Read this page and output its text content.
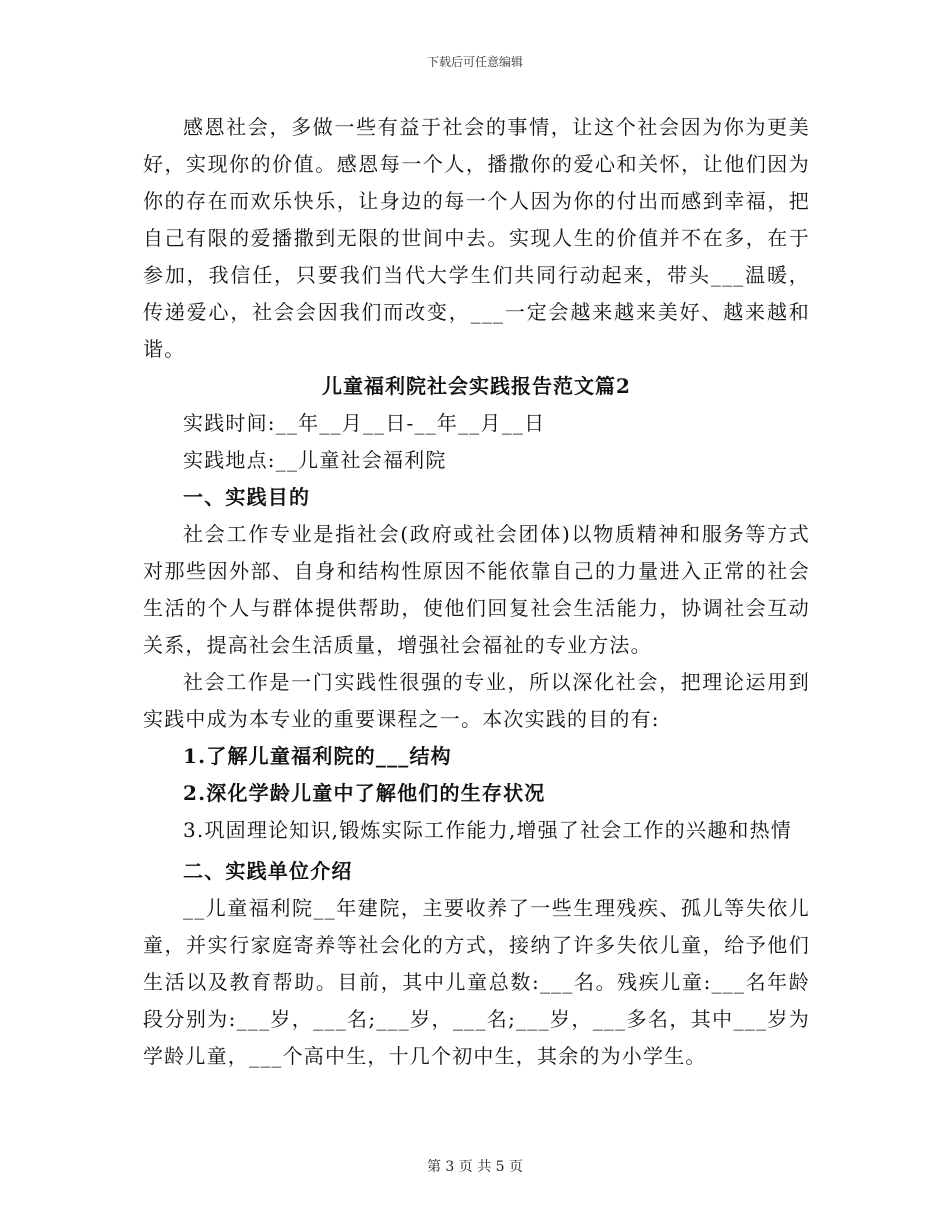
下载后可任意编辑

感恩社会，多做一些有益于社会的事情，让这个社会因为你为更美好，实现你的价值。感恩每一个人，播撒你的爱心和关怀，让他们因为你的存在而欢乐快乐，让身边的每一个人因为你的付出而感到幸福，把自己有限的爱播撒到无限的世间中去。实现人生的价值并不在多，在于参加，我信任，只要我们当代大学生们共同行动起来，带头___温暖，传递爱心，社会会因我们而改变，___一定会越来越来美好、越来越和谐。

儿童福利院社会实践报告范文篇2

实践时间:__年__月__日-__年__月__日

实践地点:__儿童社会福利院

一、实践目的

社会工作专业是指社会(政府或社会团体)以物质精神和服务等方式对那些因外部、自身和结构性原因不能依靠自己的力量进入正常的社会生活的个人与群体提供帮助，使他们回复社会生活能力，协调社会互动关系，提高社会生活质量，增强社会福祉的专业方法。

社会工作是一门实践性很强的专业，所以深化社会，把理论运用到实践中成为本专业的重要课程之一。本次实践的目的有:

1.了解儿童福利院的___结构

2.深化学龄儿童中了解他们的生存状况

3.巩固理论知识,锻炼实际工作能力,增强了社会工作的兴趣和热情

二、实践单位介绍

__儿童福利院__年建院，主要收养了一些生理残疾、孤儿等失依儿童，并实行家庭寄养等社会化的方式，接纳了许多失依儿童，给予他们生活以及教育帮助。目前，其中儿童总数:___名。残疾儿童:___名年龄段分别为:___岁，___名;___岁，___名;___岁，___多名，其中___岁为学龄儿童，___个高中生，十几个初中生，其余的为小学生。

第 3 页 共 5 页
